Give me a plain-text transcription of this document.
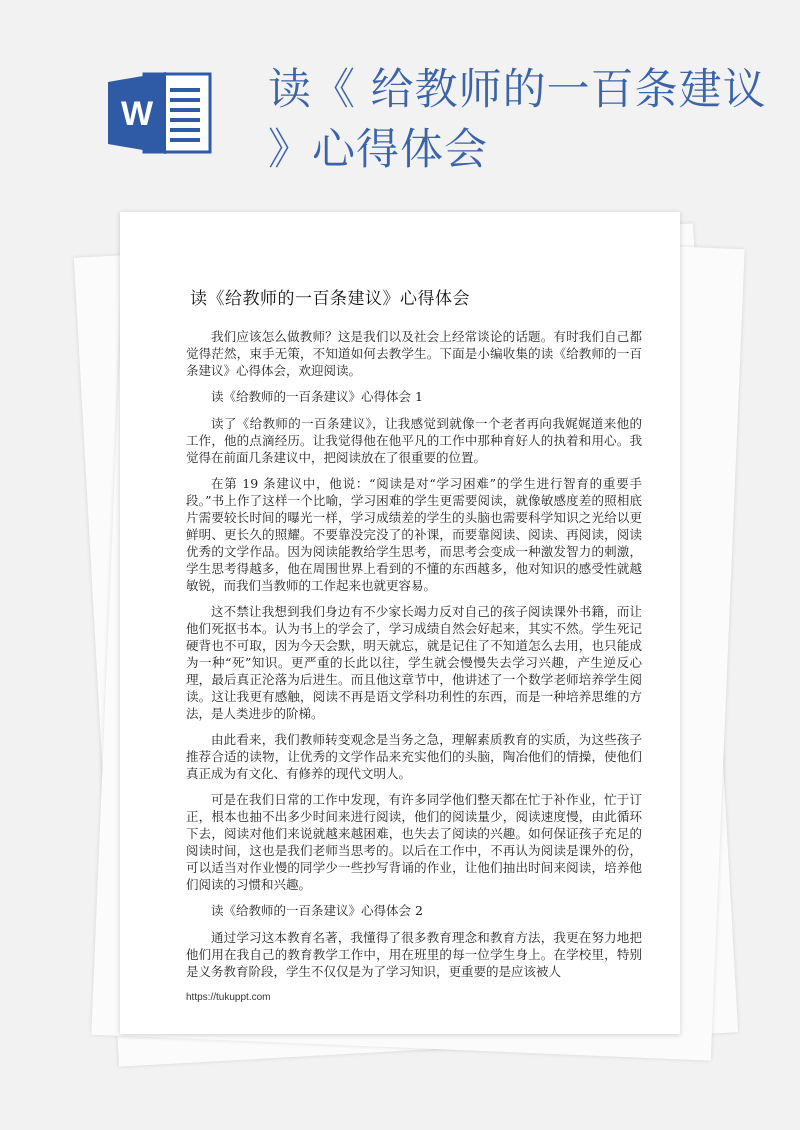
W	读《 给教师的一百条建议 》心得体会
读《给教师的一百条建议》心得体会

我们应该怎么做教师？这是我们以及社会上经常谈论的话题。有时我们自己都觉得茫然，束手无策，不知道如何去教学生。下面是小编收集的读《给教师的一百条建议》心得体会，欢迎阅读。

读《给教师的一百条建议》心得体会 1

读了《给教师的一百条建议》，让我感觉到就像一个老者再向我娓娓道来他的工作，他的点滴经历。让我觉得他在他平凡的工作中那种育好人的执着和用心。我觉得在前面几条建议中，把阅读放在了很重要的位置。

在第 19 条建议中，他说：“阅读是对“学习困难”的学生进行智育的重要手段。”书上作了这样一个比喻，学习困难的学生更需要阅读，就像敏感度差的照相底片需要较长时间的曝光一样，学习成绩差的学生的头脑也需要科学知识之光给以更鲜明、更长久的照耀。不要靠没完没了的补课，而要靠阅读、阅读、再阅读，阅读优秀的文学作品。因为阅读能教给学生思考，而思考会变成一种激发智力的刺激，学生思考得越多，他在周围世界上看到的不懂的东西越多，他对知识的感受性就越敏锐，而我们当教师的工作起来也就更容易。

这不禁让我想到我们身边有不少家长竭力反对自己的孩子阅读课外书籍，而让他们死抠书本。认为书上的学会了，学习成绩自然会好起来，其实不然。学生死记硬背也不可取，因为今天会默，明天就忘，就是记住了不知道怎么去用，也只能成为一种“死”知识。更严重的长此以往，学生就会慢慢失去学习兴趣，产生逆反心理，最后真正沦落为后进生。而且他这章节中，他讲述了一个数学老师培养学生阅读。这让我更有感触，阅读不再是语文学科功利性的东西，而是一种培养思维的方法，是人类进步的阶梯。

由此看来，我们教师转变观念是当务之急，理解素质教育的实质，为这些孩子推荐合适的读物，让优秀的文学作品来充实他们的头脑，陶冶他们的情操，使他们真正成为有文化、有修养的现代文明人。

可是在我们日常的工作中发现，有许多同学他们整天都在忙于补作业，忙于订正，根本也抽不出多少时间来进行阅读，他们的阅读量少，阅读速度慢，由此循环下去，阅读对他们来说就越来越困难，也失去了阅读的兴趣。如何保证孩子充足的阅读时间，这也是我们老师当思考的。以后在工作中，不再认为阅读是课外的份，可以适当对作业慢的同学少一些抄写背诵的作业，让他们抽出时间来阅读，培养他们阅读的习惯和兴趣。

读《给教师的一百条建议》心得体会 2

通过学习这本教育名著，我懂得了很多教育理念和教育方法，我更在努力地把他们用在我自己的教育教学工作中，用在班里的每一位学生身上。在学校里，特别是义务教育阶段，学生不仅仅是为了学习知识，更重要的是应该被人

https://tukuppt.com
